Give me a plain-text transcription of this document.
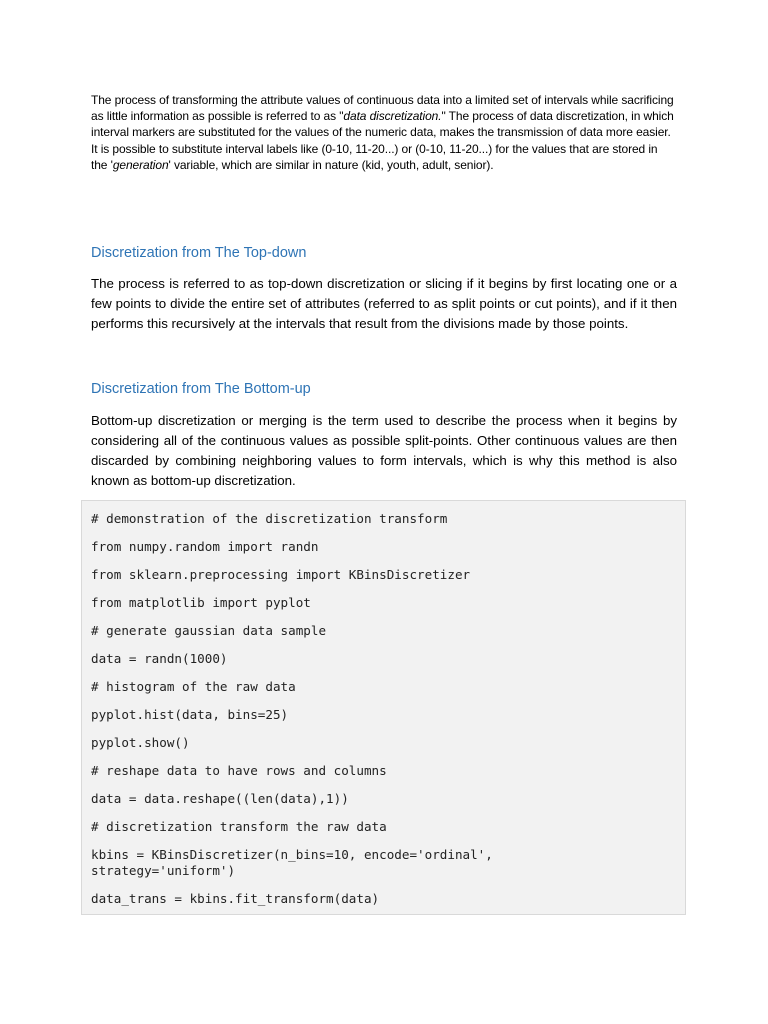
The process of transforming the attribute values of continuous data into a limited set of intervals while sacrificing as little information as possible is referred to as "data discretization." The process of data discretization, in which interval markers are substituted for the values of the numeric data, makes the transmission of data more easier. It is possible to substitute interval labels like (0-10, 11-20...) or (0-10, 11-20...) for the values that are stored in the 'generation' variable, which are similar in nature (kid, youth, adult, senior).

Discretization from The Top-down

The process is referred to as top-down discretization or slicing if it begins by first locating one or a few points to divide the entire set of attributes (referred to as split points or cut points), and if it then performs this recursively at the intervals that result from the divisions made by those points.

Discretization from The Bottom-up

Bottom-up discretization or merging is the term used to describe the process when it begins by considering all of the continuous values as possible split-points. Other continuous values are then discarded by combining neighboring values to form intervals, which is why this method is also known as bottom-up discretization.

# demonstration of the discretization transform
from numpy.random import randn
from sklearn.preprocessing import KBinsDiscretizer
from matplotlib import pyplot
# generate gaussian data sample
data = randn(1000)
# histogram of the raw data
pyplot.hist(data, bins=25)
pyplot.show()
# reshape data to have rows and columns
data = data.reshape((len(data),1))
# discretization transform the raw data
kbins = KBinsDiscretizer(n_bins=10, encode='ordinal',
strategy='uniform')
data_trans = kbins.fit_transform(data)
